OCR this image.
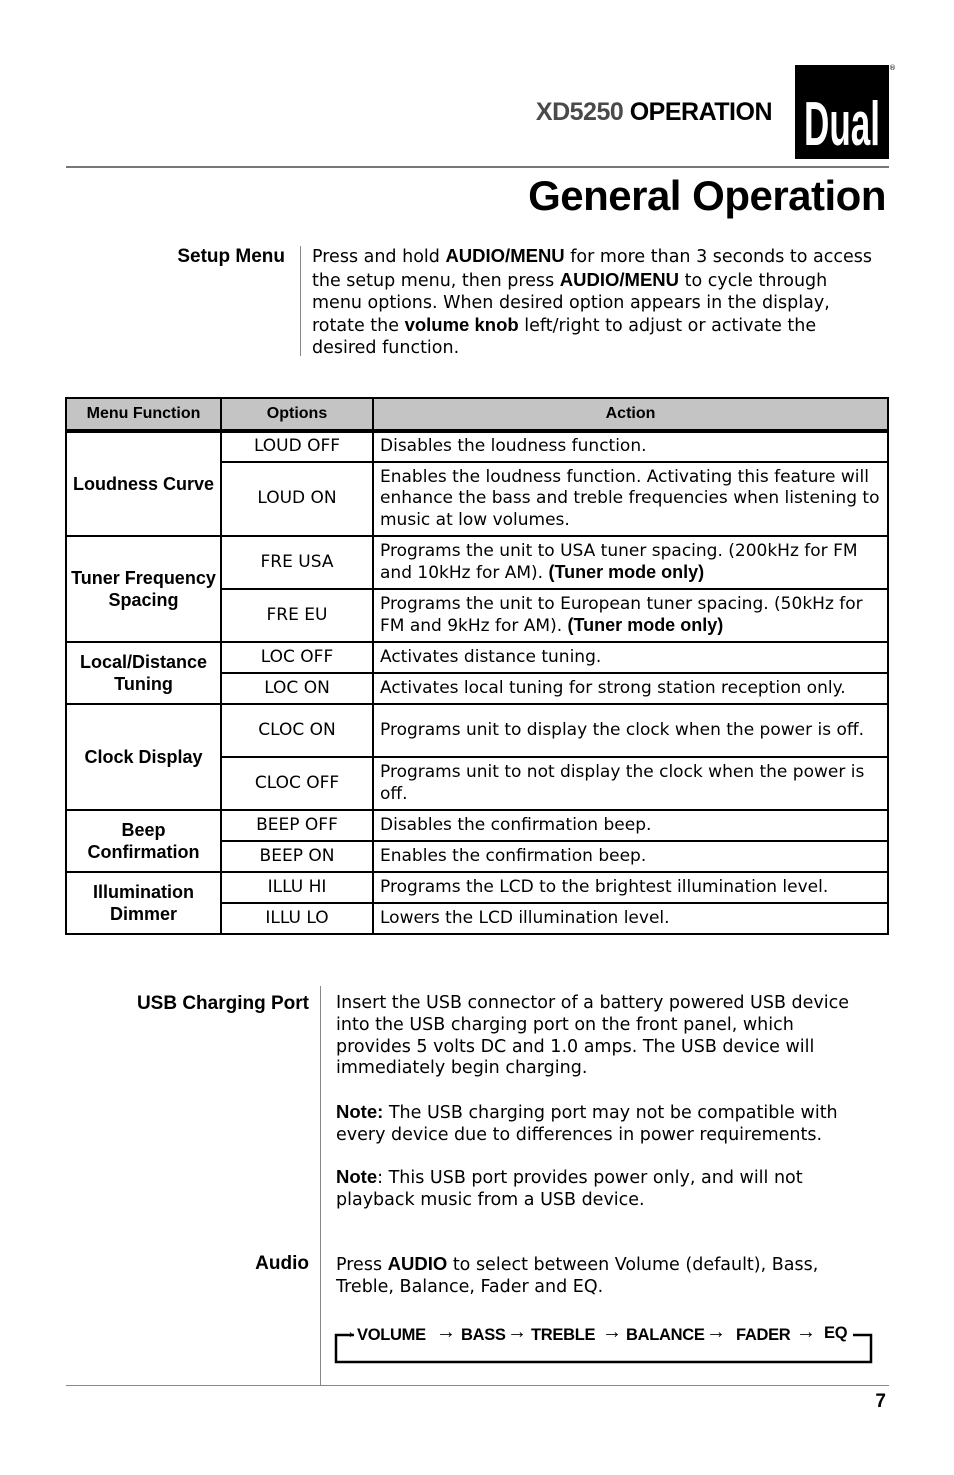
XD5250 OPERATION Dual
®
General Operation
Setup Menu Press and hold AUDIO/MENU for more than 3 seconds to access the setup menu, then press AUDIO/MENU to cycle through menu options. When desired option appears in the display, rotate the volume knob left/right to adjust or activate the desired function.
Menu Function	Options	Action
Loudness Curve	LOUD OFF	Disables the loudness function.
	LOUD ON	Enables the loudness function. Activating this feature will enhance the bass and treble frequencies when listening to music at low volumes.
Tuner Frequency Spacing	FRE USA	Programs the unit to USA tuner spacing. (200kHz for FM and 10kHz for AM). (Tuner mode only)
	FRE EU	Programs the unit to European tuner spacing. (50kHz for FM and 9kHz for AM). (Tuner mode only)
Local/Distance Tuning	LOC OFF	Activates distance tuning.
	LOC ON	Activates local tuning for strong station reception only.
Clock Display	CLOC ON	Programs unit to display the clock when the power is off.
	CLOC OFF	Programs unit to not display the clock when the power is off.
Beep Confirmation	BEEP OFF	Disables the confirmation beep.
	BEEP ON	Enables the confirmation beep.
Illumination Dimmer	ILLU HI	Programs the LCD to the brightest illumination level.
	ILLU LO	Lowers the LCD illumination level.
USB Charging Port Insert the USB connector of a battery powered USB device into the USB charging port on the front panel, which provides 5 volts DC and 1.0 amps. The USB device will immediately begin charging.
Note: The USB charging port may not be compatible with every device due to differences in power requirements.
Note: This USB port provides power only, and will not playback music from a USB device.
Audio Press AUDIO to select between Volume (default), Bass, Treble, Balance, Fader and EQ.
→ VOLUME → BASS → TREBLE → BALANCE → FADER → EQ
7
